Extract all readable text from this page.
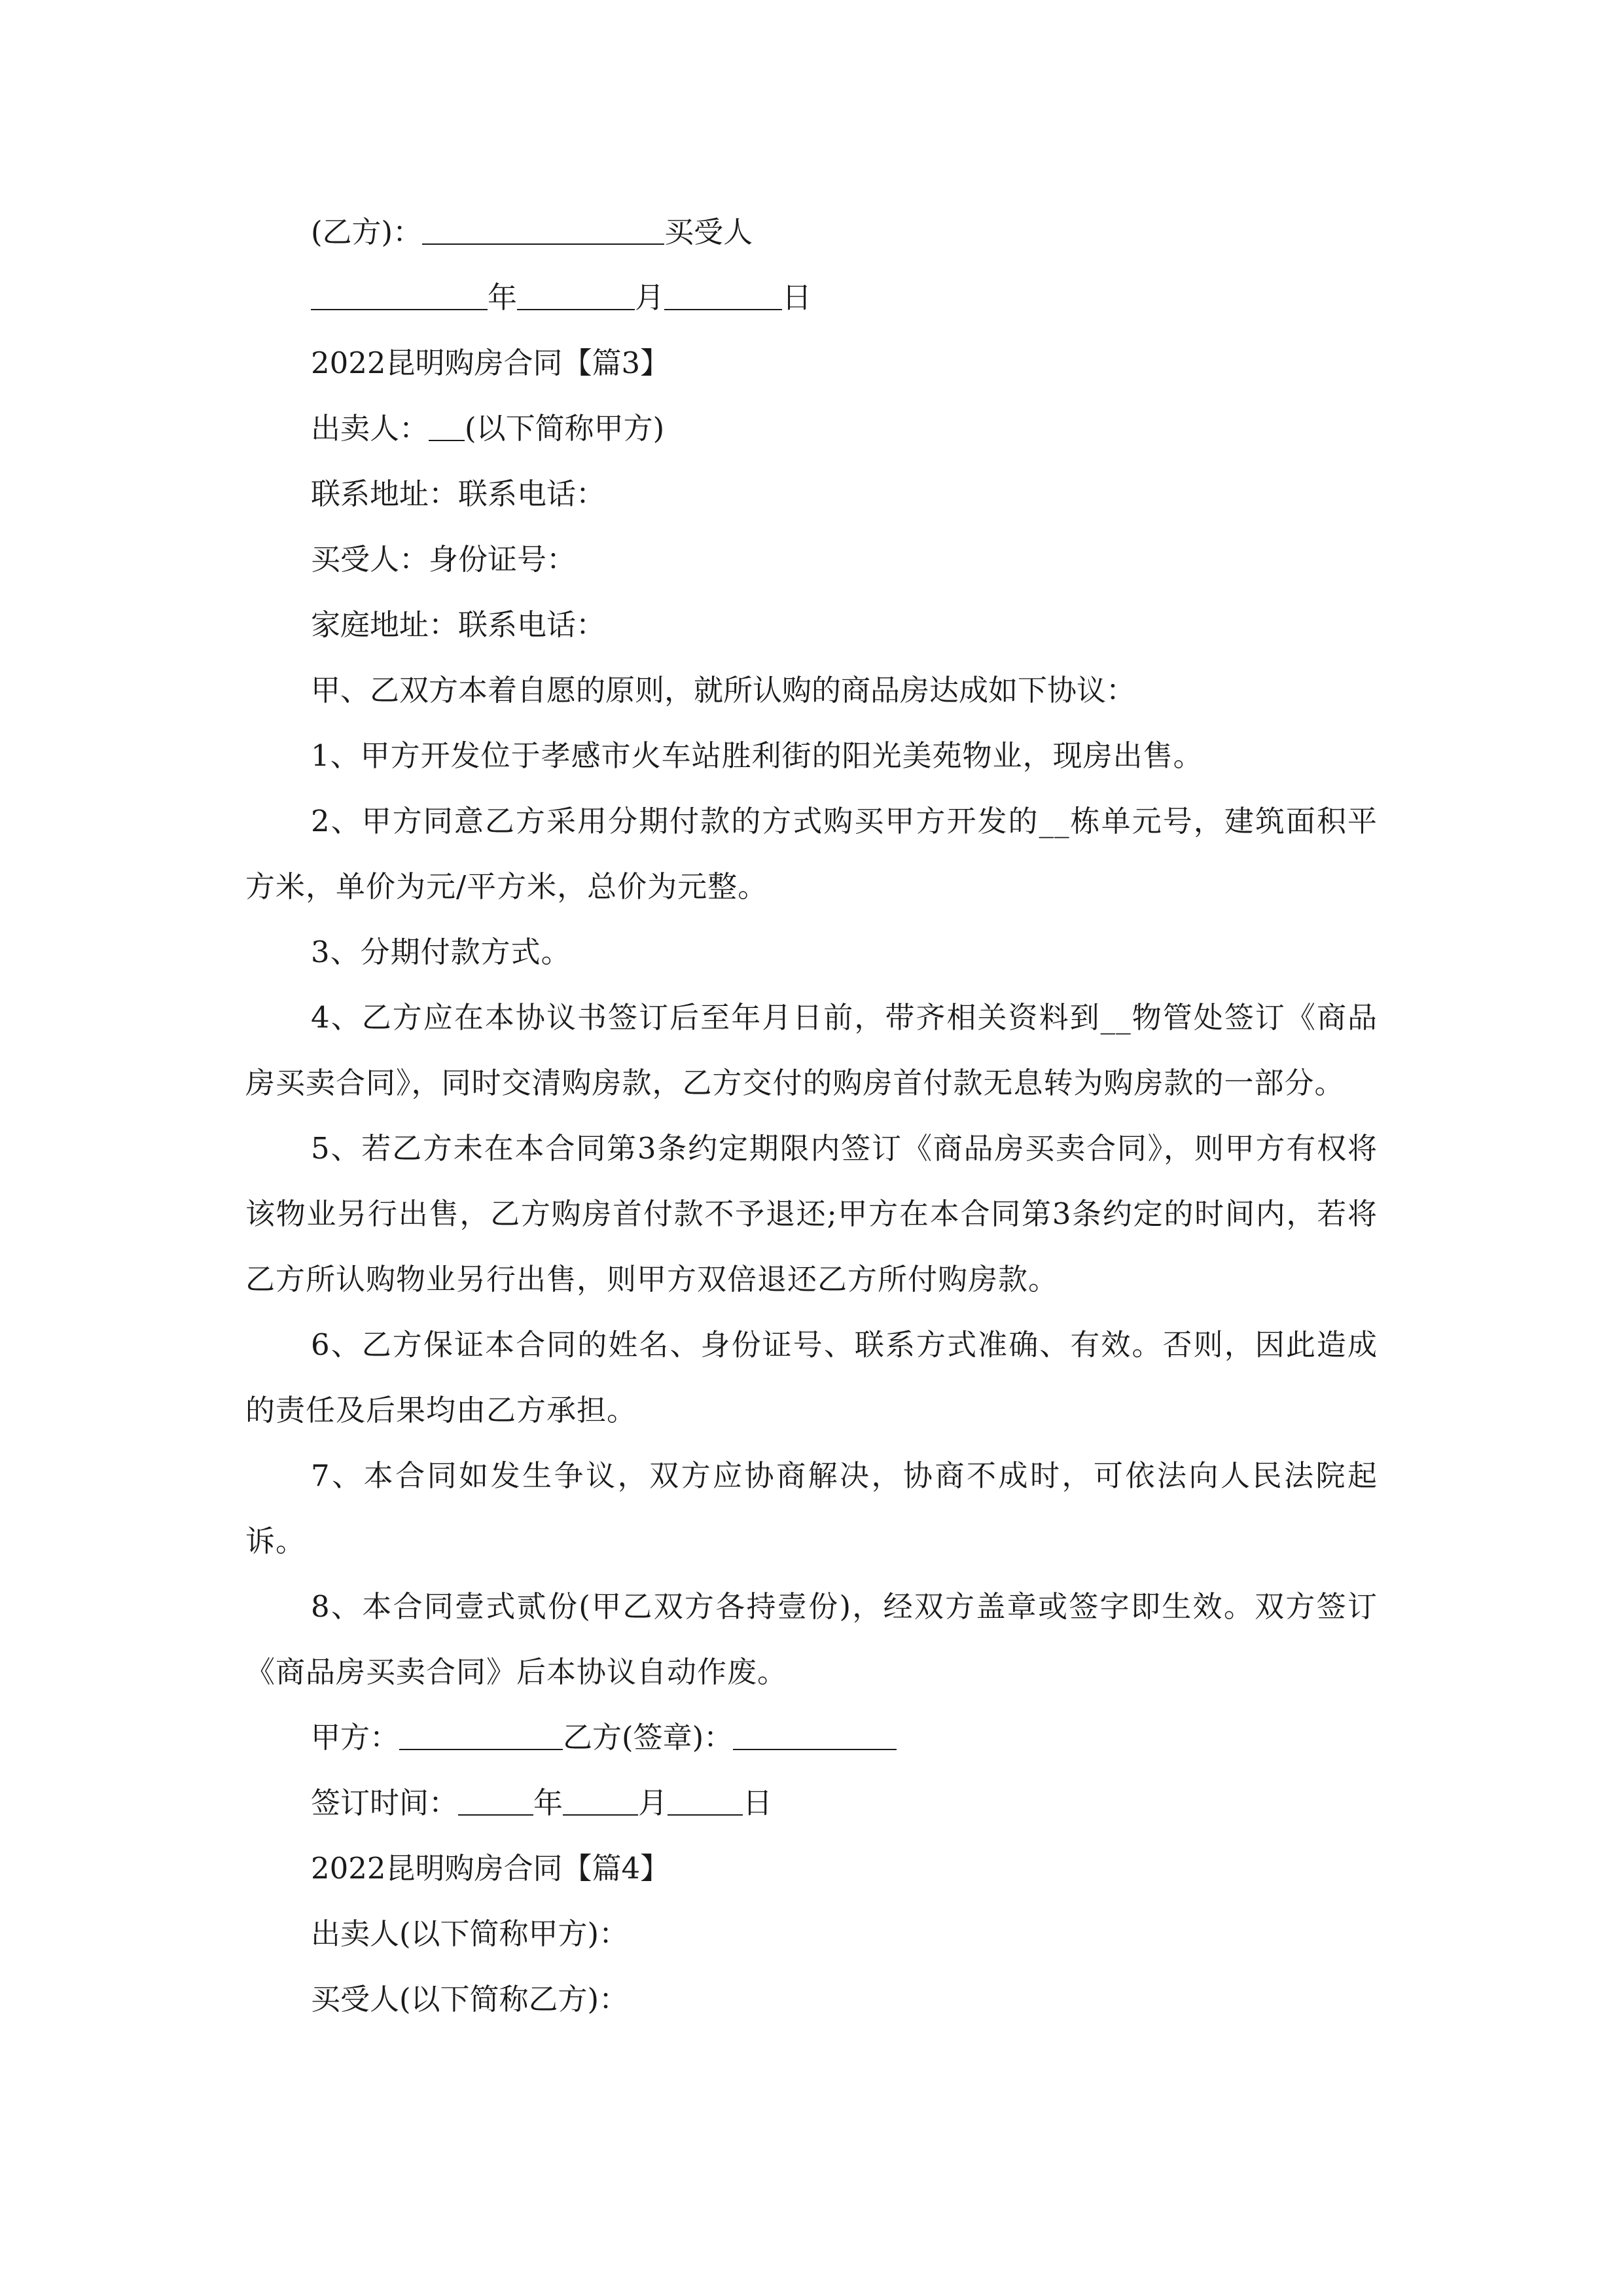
(乙方)：	买受人

年	月	日

2022昆明购房合同【篇3】

出卖人： (以下简称甲方)

联系地址：联系电话：

买受人：身份证号：

家庭地址：联系电话：

甲、乙双方本着自愿的原则，就所认购的商品房达成如下协议：

1、甲方开发位于孝感市火车站胜利街的阳光美苑物业，现房出售。

2、甲方同意乙方采用分期付款的方式购买甲方开发的__栋单元号，建筑面积平方米，单价为元/平方米，总价为元整。

3、分期付款方式。

4、乙方应在本协议书签订后至年月日前，带齐相关资料到__物管处签订《商品房买卖合同》，同时交清购房款，乙方交付的购房首付款无息转为购房款的一部分。

5、若乙方未在本合同第3条约定期限内签订《商品房买卖合同》，则甲方有权将该物业另行出售，乙方购房首付款不予退还;甲方在本合同第3条约定的时间内，若将乙方所认购物业另行出售，则甲方双倍退还乙方所付购房款。

6、乙方保证本合同的姓名、身份证号、联系方式准确、有效。否则，因此造成的责任及后果均由乙方承担。

7、本合同如发生争议，双方应协商解决，协商不成时，可依法向人民法院起诉。

8、本合同壹式贰份(甲乙双方各持壹份)，经双方盖章或签字即生效。双方签订《商品房买卖合同》后本协议自动作废。

甲方：	乙方(签章)：

签订时间：	年	月	日

2022昆明购房合同【篇4】

出卖人(以下简称甲方)：

买受人(以下简称乙方)：
